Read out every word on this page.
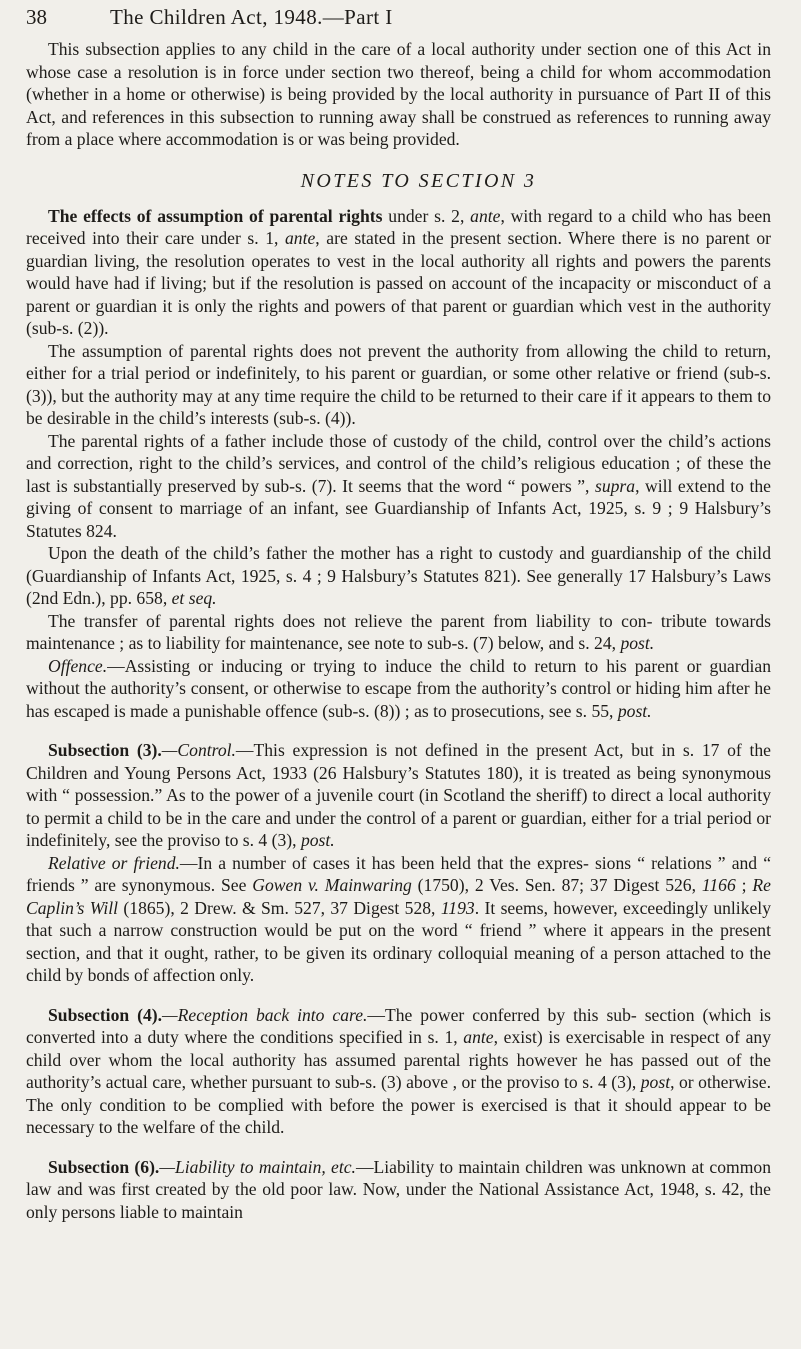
38	The Children Act, 1948.—Part I

This subsection applies to any child in the care of a local authority under section one of this Act in whose case a resolution is in force under section two thereof, being a child for whom accommodation (whether in a home or otherwise) is being provided by the local authority in pursuance of Part II of this Act, and references in this subsection to running away shall be construed as references to running away from a place where accommodation is or was being provided.

NOTES TO SECTION 3

The effects of assumption of parental rights under s. 2, ante, with regard to a child who has been received into their care under s. 1, ante, are stated in the present section. Where there is no parent or guardian living, the resolution operates to vest in the local authority all rights and powers the parents would have had if living; but if the resolution is passed on account of the incapacity or misconduct of a parent or guardian it is only the rights and powers of that parent or guardian which vest in the authority (sub-s. (2)).

The assumption of parental rights does not prevent the authority from allowing the child to return, either for a trial period or indefinitely, to his parent or guardian, or some other relative or friend (sub-s. (3)), but the authority may at any time require the child to be returned to their care if it appears to them to be desirable in the child’s interests (sub-s. (4)).

The parental rights of a father include those of custody of the child, control over the child’s actions and correction, right to the child’s services, and control of the child’s religious education ; of these the last is substantially preserved by sub-s. (7). It seems that the word “ powers ”, supra, will extend to the giving of consent to marriage of an infant, see Guardianship of Infants Act, 1925, s. 9 ; 9 Halsbury’s Statutes 824.

Upon the death of the child’s father the mother has a right to custody and guardianship of the child (Guardianship of Infants Act, 1925, s. 4 ; 9 Halsbury’s Statutes 821). See generally 17 Halsbury’s Laws (2nd Edn.), pp. 658, et seq.

The transfer of parental rights does not relieve the parent from liability to con- tribute towards maintenance ; as to liability for maintenance, see note to sub-s. (7) below, and s. 24, post.

Offence.—Assisting or inducing or trying to induce the child to return to his parent or guardian without the authority’s consent, or otherwise to escape from the authority’s control or hiding him after he has escaped is made a punishable offence (sub-s. (8)) ; as to prosecutions, see s. 55, post.

Subsection (3).—Control.—This expression is not defined in the present Act, but in s. 17 of the Children and Young Persons Act, 1933 (26 Halsbury’s Statutes 180), it is treated as being synonymous with “ possession.” As to the power of a juvenile court (in Scotland the sheriff) to direct a local authority to permit a child to be in the care and under the control of a parent or guardian, either for a trial period or indefinitely, see the proviso to s. 4 (3), post.

Relative or friend.—In a number of cases it has been held that the expres- sions “ relations ” and “ friends ” are synonymous. See Gowen v. Mainwaring (1750), 2 Ves. Sen. 87; 37 Digest 526, 1166 ; Re Caplin’s Will (1865), 2 Drew. & Sm. 527, 37 Digest 528, 1193. It seems, however, exceedingly unlikely that such a narrow construction would be put on the word “ friend ” where it appears in the present section, and that it ought, rather, to be given its ordinary colloquial meaning of a person attached to the child by bonds of affection only.

Subsection (4).—Reception back into care.—The power conferred by this sub- section (which is converted into a duty where the conditions specified in s. 1, ante, exist) is exercisable in respect of any child over whom the local authority has assumed parental rights however he has passed out of the authority’s actual care, whether pursuant to sub-s. (3) above , or the proviso to s. 4 (3), post, or otherwise. The only condition to be complied with before the power is exercised is that it should appear to be necessary to the welfare of the child.

Subsection (6).—Liability to maintain, etc.—Liability to maintain children was unknown at common law and was first created by the old poor law. Now, under the National Assistance Act, 1948, s. 42, the only persons liable to maintain
